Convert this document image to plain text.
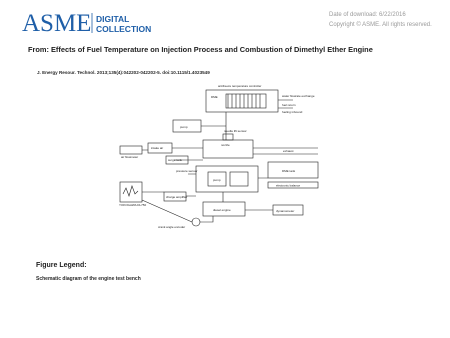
ASME DIGITAL
COLLECTION
Date of download: 6/22/2016
Copyright © ASME. All rights reserved.
From: Effects of Fuel Temperature on Injection Process and Combustion of Dimethyl Ether Engine
J. Energy Resour. Technol. 2013;135(4):042202-042202-5. doi:10.1115/1.4023549
antifreeze temperature controller
pump
DME	water flowrate exchange
fuel return
fueling inbound
air flowmeter
intake air
surge tank
needle lift sensor
nozzle
exhaust
pressure sensor
pump
DME tank
electronic balance
charge amplifier
YOKOGAWA DL750
diesel engine	dynamometer
crank angle encoder
Figure Legend:
Schematic diagram of the engine test bench
